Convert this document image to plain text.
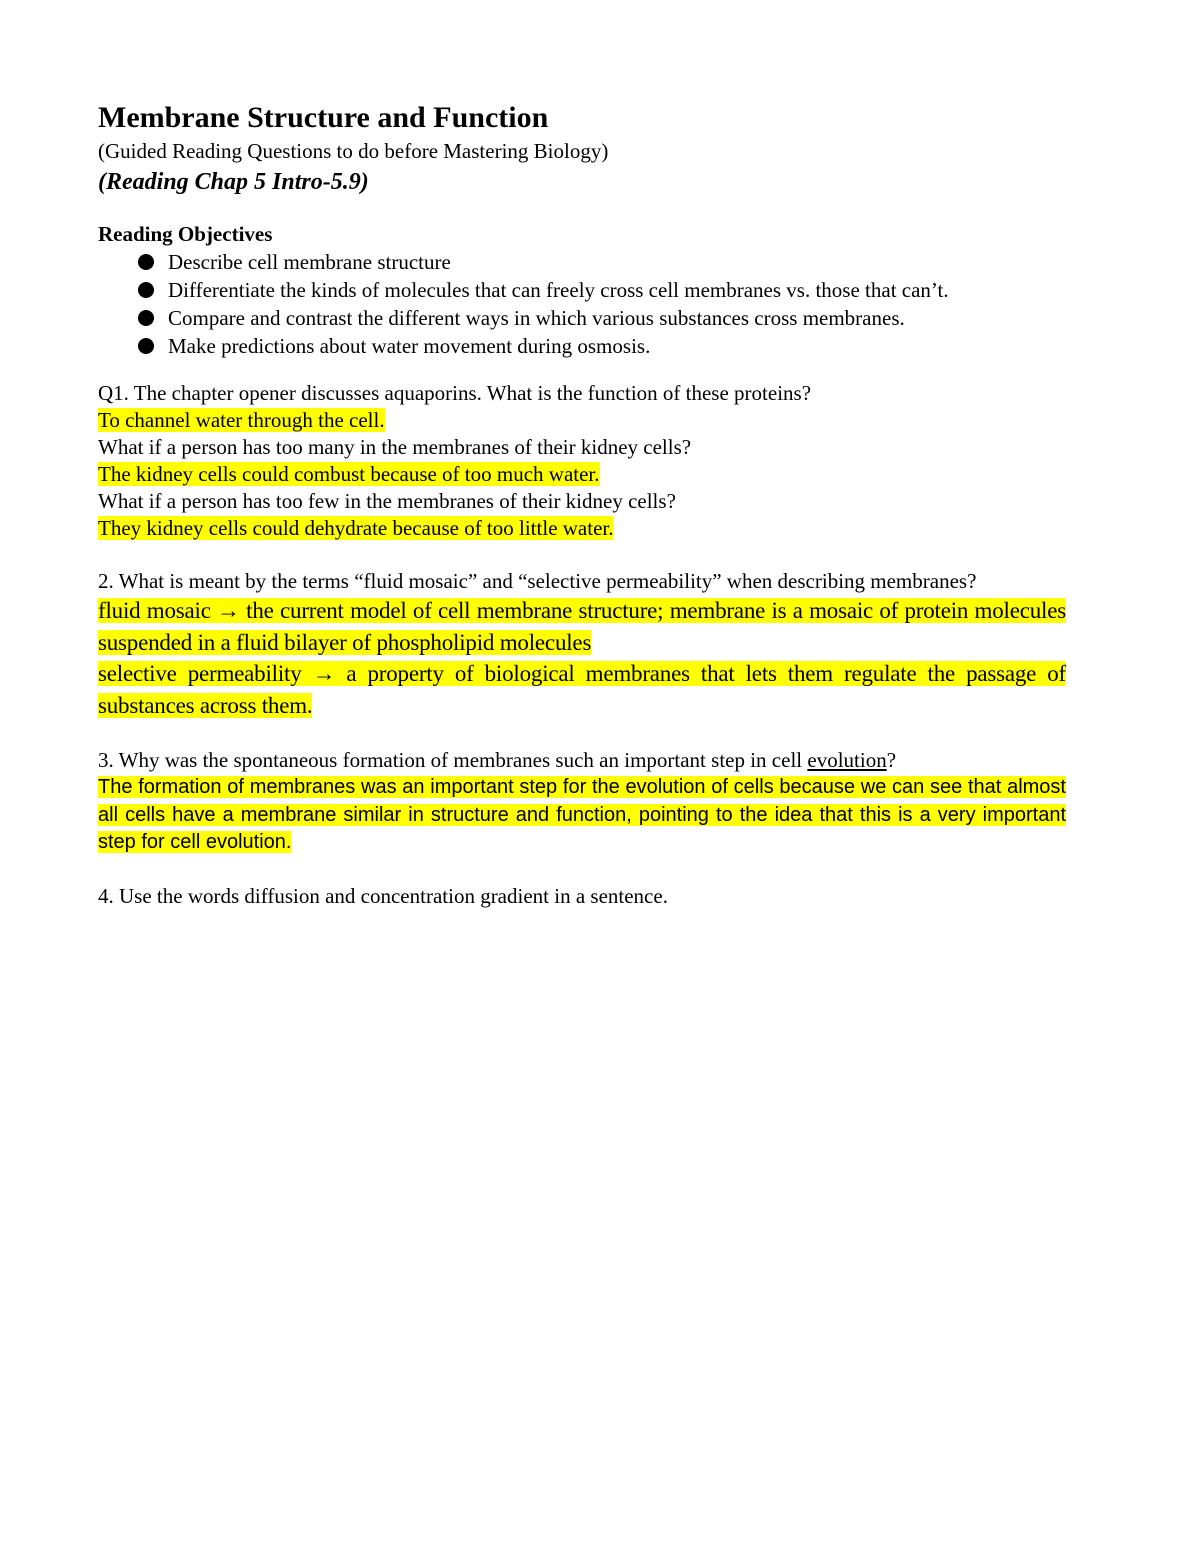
Membrane Structure and Function

(Guided Reading Questions to do before Mastering Biology)

(Reading Chap 5 Intro-5.9)

Reading Objectives

Describe cell membrane structure
Differentiate the kinds of molecules that can freely cross cell membranes vs. those that can’t.
Compare and contrast the different ways in which various substances cross membranes.
Make predictions about water movement during osmosis.

Q1. The chapter opener discusses aquaporins. What is the function of these proteins?

To channel water through the cell.

What if a person has too many in the membranes of their kidney cells?

The kidney cells could combust because of too much water.

What if a person has too few in the membranes of their kidney cells?

They kidney cells could dehydrate because of too little water.

2. What is meant by the terms “fluid mosaic” and “selective permeability” when describing membranes?

fluid mosaic → the current model of cell membrane structure; membrane is a mosaic of protein molecules suspended in a fluid bilayer of phospholipid molecules

selective permeability → a property of biological membranes that lets them regulate the passage of substances across them.

3. Why was the spontaneous formation of membranes such an important step in cell evolution?

The formation of membranes was an important step for the evolution of cells because we can see that almost all cells have a membrane similar in structure and function, pointing to the idea that this is a very important step for cell evolution.

4. Use the words diffusion and concentration gradient in a sentence.
